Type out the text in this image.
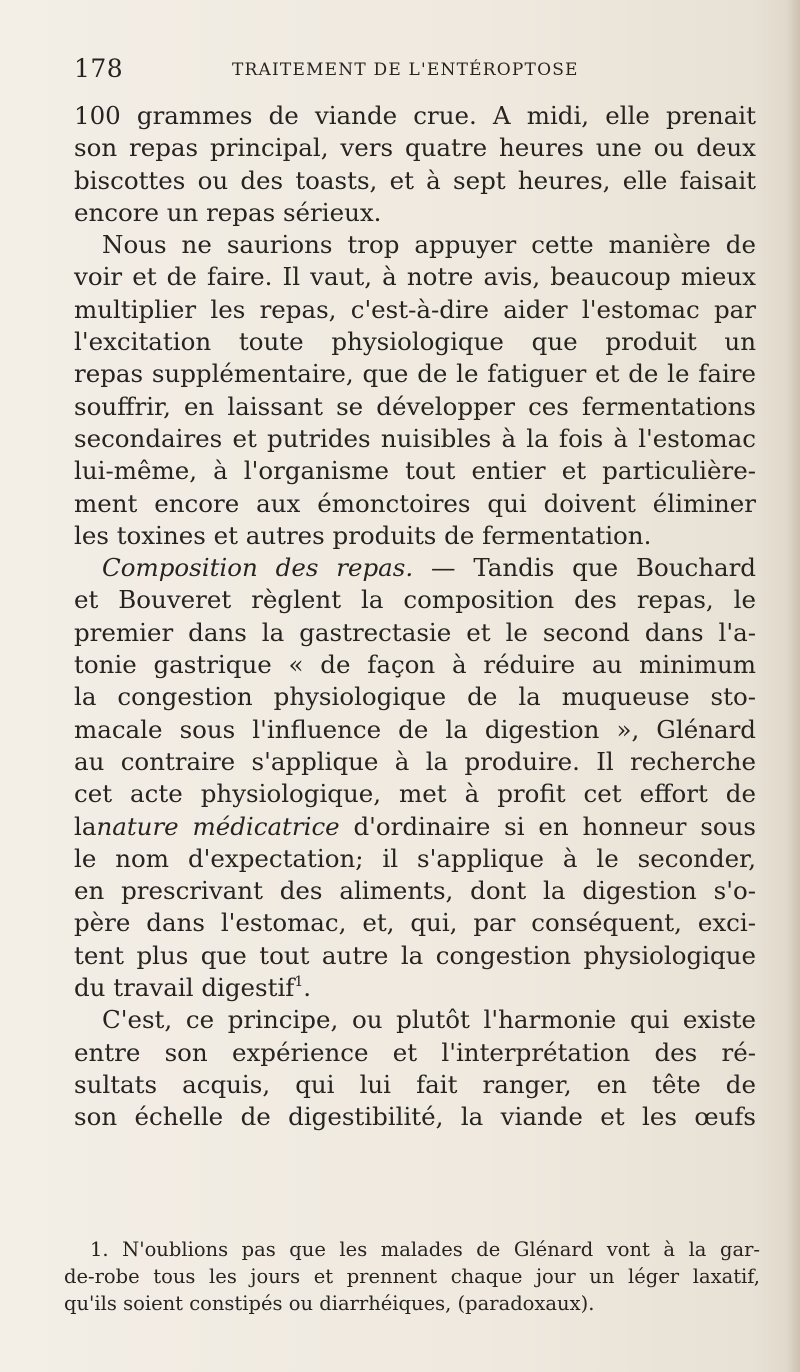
178	TRAITEMENT DE L'ENTÉROPTOSE
100 grammes de viande crue. A midi, elle prenait
son repas principal, vers quatre heures une ou deux
biscottes ou des toasts, et à sept heures, elle faisait
encore un repas sérieux.
Nous ne saurions trop appuyer cette manière de
voir et de faire. Il vaut, à notre avis, beaucoup mieux
multiplier les repas, c'est-à-dire aider l'estomac par
l'excitation toute physiologique que produit un
repas supplémentaire, que de le fatiguer et de le faire
souffrir, en laissant se développer ces fermentations
secondaires et putrides nuisibles à la fois à l'estomac
lui-même, à l'organisme tout entier et particulière-
ment encore aux émonctoires qui doivent éliminer
les toxines et autres produits de fermentation.
Composition des repas. — Tandis que Bouchard
et Bouveret règlent la composition des repas, le
premier dans la gastrectasie et le second dans l'a-
tonie gastrique « de façon à réduire au minimum
la congestion physiologique de la muqueuse sto-
macale sous l'influence de la digestion », Glénard
au contraire s'applique à la produire. Il recherche
cet acte physiologique, met à profit cet effort de
lanature médicatrice d'ordinaire si en honneur sous
le nom d'expectation; il s'applique à le seconder,
en prescrivant des aliments, dont la digestion s'o-
père dans l'estomac, et, qui, par conséquent, exci-
tent plus que tout autre la congestion physiologique
du travail digestif$^1$.
C'est, ce principe, ou plutôt l'harmonie qui existe
entre son expérience et l'interprétation des ré-
sultats acquis, qui lui fait ranger, en tête de
son échelle de digestibilité, la viande et les œufs
1. N'oublions pas que les malades de Glénard vont à la gar-
de-robe tous les jours et prennent chaque jour un léger laxatif,
qu'ils soient constipés ou diarrhéiques, (paradoxaux).
